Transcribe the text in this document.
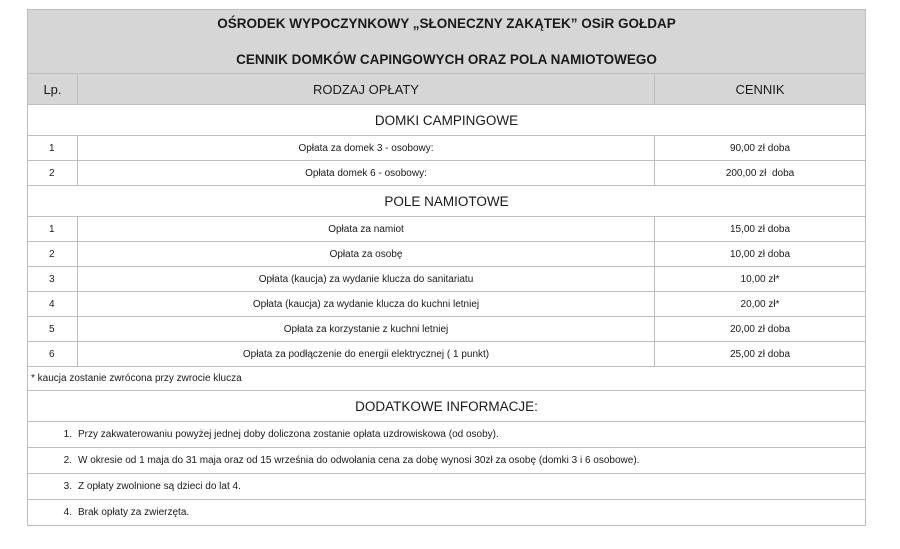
OŚRODEK WYPOCZYNKOWY „SŁONECZNY ZAKĄTEK” OSiR GOŁDAP
CENNIK DOMKÓW CAPINGOWYCH ORAZ POLA NAMIOTOWEGO		

Lp.	RODZAJ OPŁATY	CENNIK
DOMKI CAMPINGOWE		
1	Opłata za domek 3 - osobowy:	90,00 zł doba
2	Opłata domek 6 - osobowy:	200,00 zł  doba
POLE NAMIOTOWE		
1	Opłata za namiot	15,00 zł doba
2	Opłata za osobę	10,00 zł doba
3	Opłata (kaucja) za wydanie klucza do sanitariatu	10,00 zł*
4	Opłata (kaucja) za wydanie klucza do kuchni letniej	20,00 zł*
5	Opłata za korzystanie z kuchni letniej	20,00 zł doba
6	Opłata za podłączenie do energii elektrycznej ( 1 punkt)	25,00 zł doba
* kaucja zostanie zwrócona przy zwrocie klucza		
DODATKOWE INFORMACJE:		
1. Przy zakwaterowaniu powyżej jednej doby doliczona zostanie opłata uzdrowiskowa (od osoby).		
2. W okresie od 1 maja do 31 maja oraz od 15 września do odwołania cena za dobę wynosi 30zł za osobę (domki 3 i 6 osobowe).		
3. Z opłaty zwolnione są dzieci do lat 4.		
4. Brak opłaty za zwierzęta.		
